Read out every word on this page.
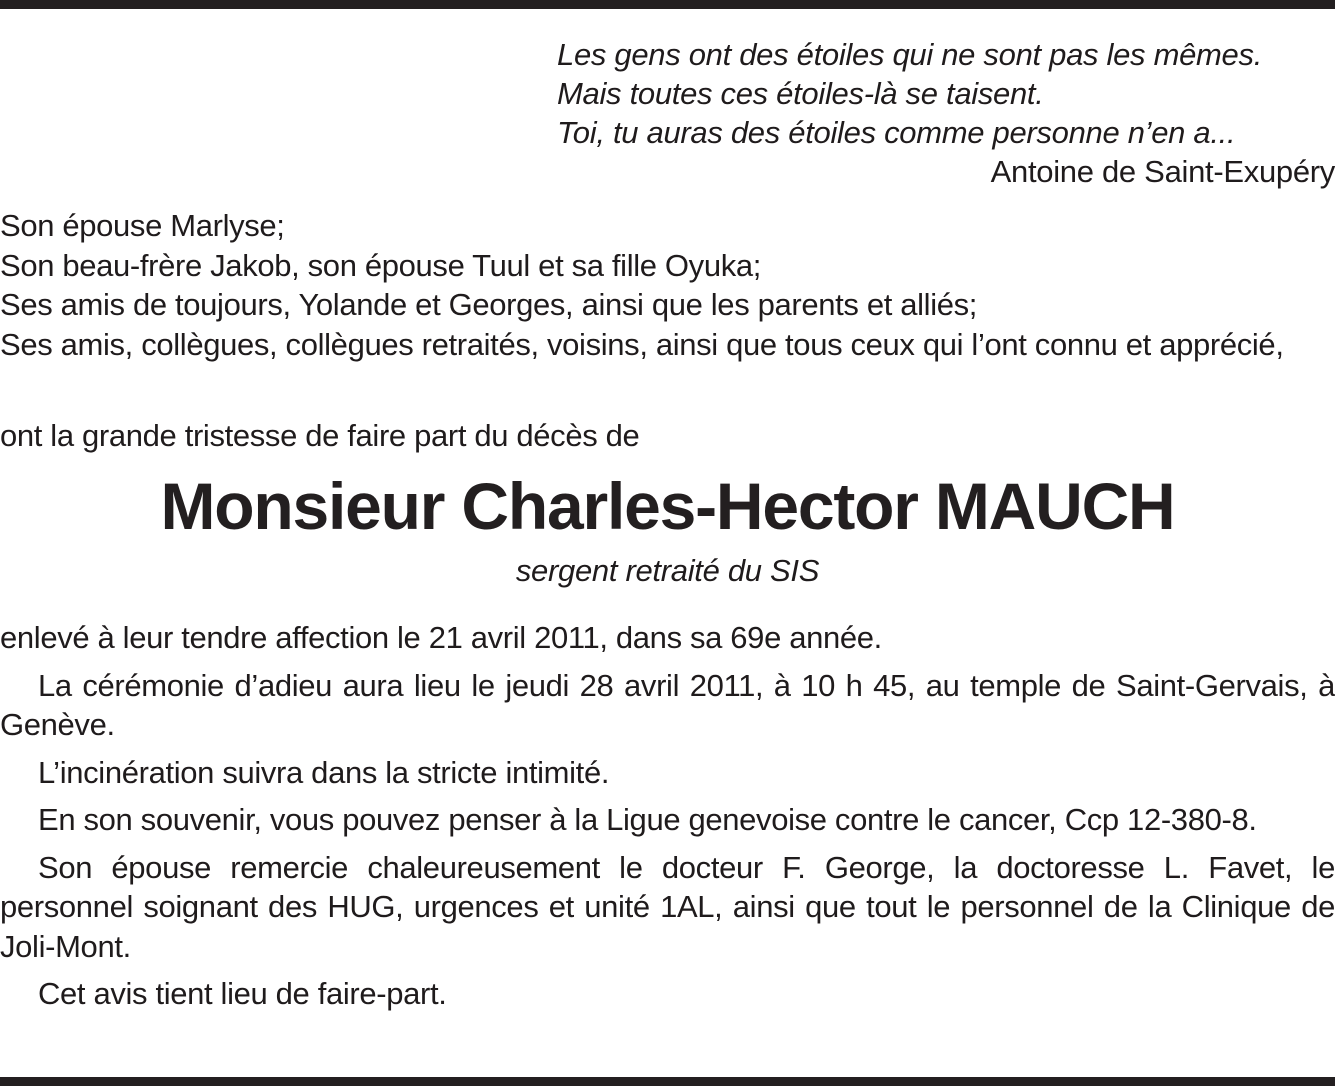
Les gens ont des étoiles qui ne sont pas les mêmes.
Mais toutes ces étoiles-là se taisent.
Toi, tu auras des étoiles comme personne n’en a...
Antoine de Saint-Exupéry
Son épouse Marlyse;
Son beau-frère Jakob, son épouse Tuul et sa fille Oyuka;
Ses amis de toujours, Yolande et Georges, ainsi que les parents et alliés;
Ses amis, collègues, collègues retraités, voisins, ainsi que tous ceux qui l’ont connu et apprécié,
ont la grande tristesse de faire part du décès de
Monsieur Charles-Hector MAUCH
sergent retraité du SIS

enlevé à leur tendre affection le 21 avril 2011, dans sa 69e année.

La cérémonie d’adieu aura lieu le jeudi 28 avril 2011, à 10 h 45, au temple de Saint-Gervais, à Genève.

L’incinération suivra dans la stricte intimité.

En son souvenir, vous pouvez penser à la Ligue genevoise contre le cancer, Ccp 12-380-8.

Son épouse remercie chaleureusement le docteur F. George, la doctoresse L. Favet, le personnel soignant des HUG, urgences et unité 1AL, ainsi que tout le personnel de la Clinique de Joli-Mont.

Cet avis tient lieu de faire-part.
